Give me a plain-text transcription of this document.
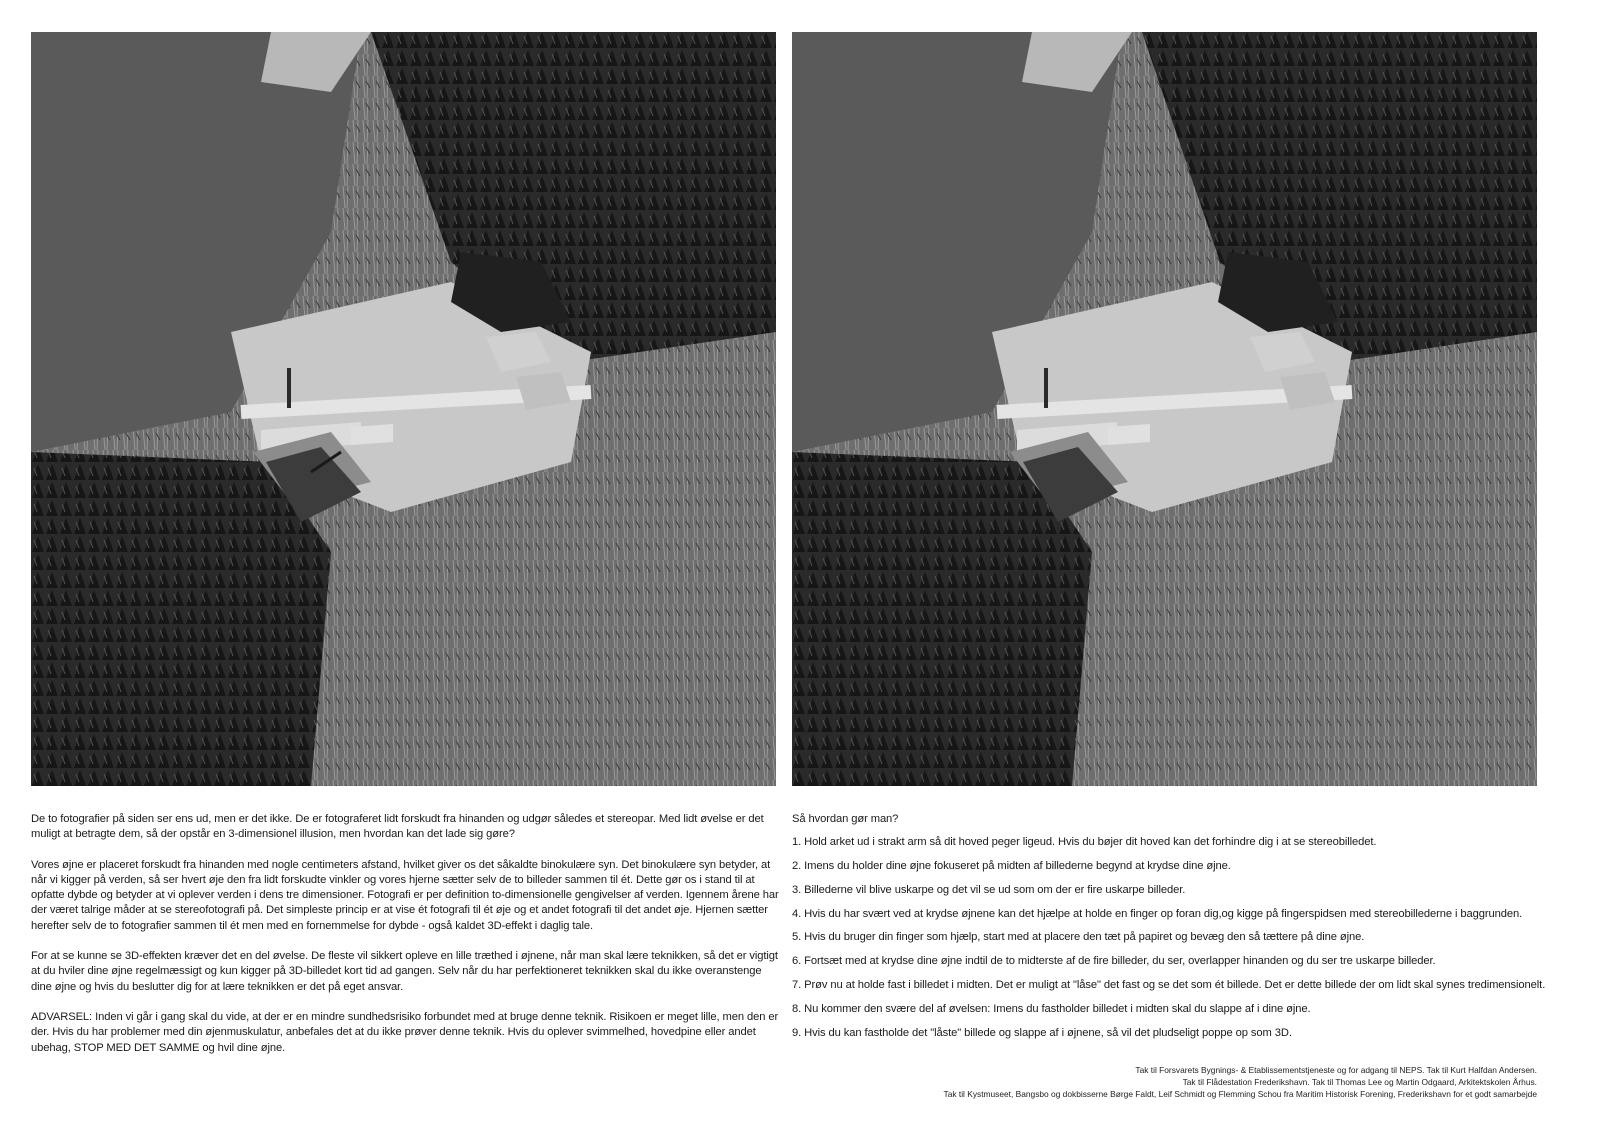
De to fotografier på siden ser ens ud, men er det ikke. De er fotograferet lidt forskudt fra hinanden og udgør således et stereopar. Med lidt øvelse er det muligt at betragte dem, så der opstår en 3-dimensionel illusion, men hvordan kan det lade sig gøre?

Vores øjne er placeret forskudt fra hinanden med nogle centimeters afstand, hvilket giver os det såkaldte binokulære syn. Det binokulære syn betyder, at når vi kigger på verden, så ser hvert øje den fra lidt forskudte vinkler og vores hjerne sætter selv de to billeder sammen til ét. Dette gør os i stand til at opfatte dybde og betyder at vi oplever verden i dens tre dimensioner. Fotografi er per definition to-dimensionelle gengivelser af verden. Igennem årene har der været talrige måder at se stereofotografi på. Det simpleste princip er at vise ét fotografi til ét øje og et andet fotografi til det andet øje. Hjernen sætter herefter selv de to fotografier sammen til ét men med en fornemmelse for dybde - også kaldet 3D-effekt i daglig tale.

For at se kunne se 3D-effekten kræver det en del øvelse. De fleste vil sikkert opleve en lille træthed i øjnene, når man skal lære teknikken, så det er vigtigt at du hviler dine øjne regelmæssigt og kun kigger på 3D-billedet kort tid ad gangen. Selv når du har perfektioneret teknikken skal du ikke overanstenge dine øjne og hvis du beslutter dig for at lære teknikken er det på eget ansvar.

ADVARSEL: Inden vi går i gang skal du vide, at der er en mindre sundhedsrisiko forbundet med at bruge denne teknik. Risikoen er meget lille, men den er der. Hvis du har problemer med din øjenmuskulatur, anbefales det at du ikke prøver denne teknik. Hvis du oplever svimmelhed, hovedpine eller andet ubehag, STOP MED DET SAMME og hvil dine øjne.

Så hvordan gør man?

1. Hold arket ud i strakt arm så dit hoved peger ligeud. Hvis du bøjer dit hoved kan det forhindre dig i at se stereobilledet.
2. Imens du holder dine øjne fokuseret på midten af billederne begynd at krydse dine øjne.
3. Billederne vil blive uskarpe og det vil se ud som om der er fire uskarpe billeder.
4. Hvis du har svært ved at krydse øjnene kan det hjælpe at holde en finger op foran dig,og kigge på fingerspidsen med stereobillederne i baggrunden.
5. Hvis du bruger din finger som hjælp, start med at placere den tæt på papiret og bevæg den så tættere på dine øjne.
6. Fortsæt med at krydse dine øjne indtil de to midterste af de fire billeder, du ser, overlapper hinanden og du ser tre uskarpe billeder.
7. Prøv nu at holde fast i billedet i midten. Det er muligt at "låse" det fast og se det som ét billede. Det er dette billede der om lidt skal synes tredimensionelt.
8. Nu kommer den svære del af øvelsen: Imens du fastholder billedet i midten skal du slappe af i dine øjne.
9. Hvis du kan fastholde det "låste" billede og slappe af i øjnene, så vil det pludseligt poppe op som 3D.
Tak til Forsvarets Bygnings- & Etablissementstjeneste og for adgang til NEPS. Tak til Kurt Halfdan Andersen.
Tak til Flådestation Frederikshavn. Tak til Thomas Lee og Martin Odgaard, Arkitektskolen Århus.
Tak til Kystmuseet, Bangsbo og dokbisserne Børge Faldt, Leif Schmidt og Flemming Schou fra Maritim Historisk Forening, Frederikshavn for et godt samarbejde
